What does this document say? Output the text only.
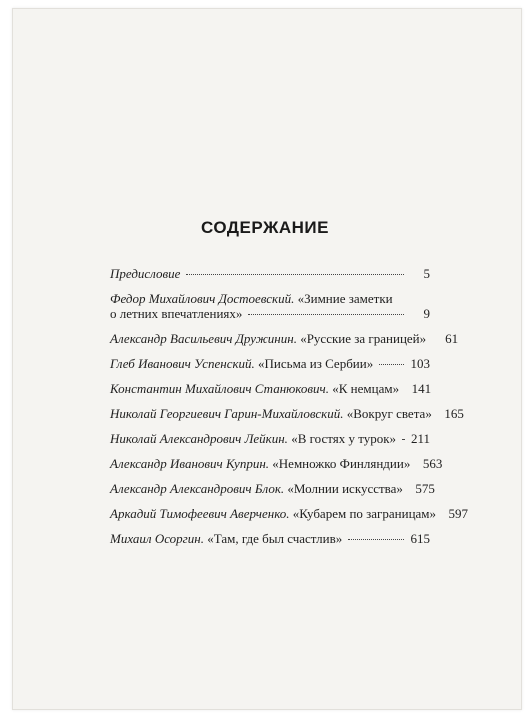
СОДЕРЖАНИЕ
Предисловие	5
Федор Михайлович Достоевский. «Зимние заметки
о летних впечатлениях»	9
Александр Васильевич Дружинин. «Русские за границей»	61
Глеб Иванович Успенский. «Письма из Сербии»	103
Константин Михайлович Станюкович. «К немцам» 141
Николай Георгиевич Гарин-Михайловский. «Вокруг света» 165
Николай Александрович Лейкин. «В гостях у турок» 211
Александр Иванович Куприн. «Немножко Финляндии» 563
Александр Александрович Блок. «Молнии искусства» 575
Аркадий Тимофеевич Аверченко. «Кубарем по заграницам» 597
Михаил Осоргин. «Там, где был счастлив»	615
